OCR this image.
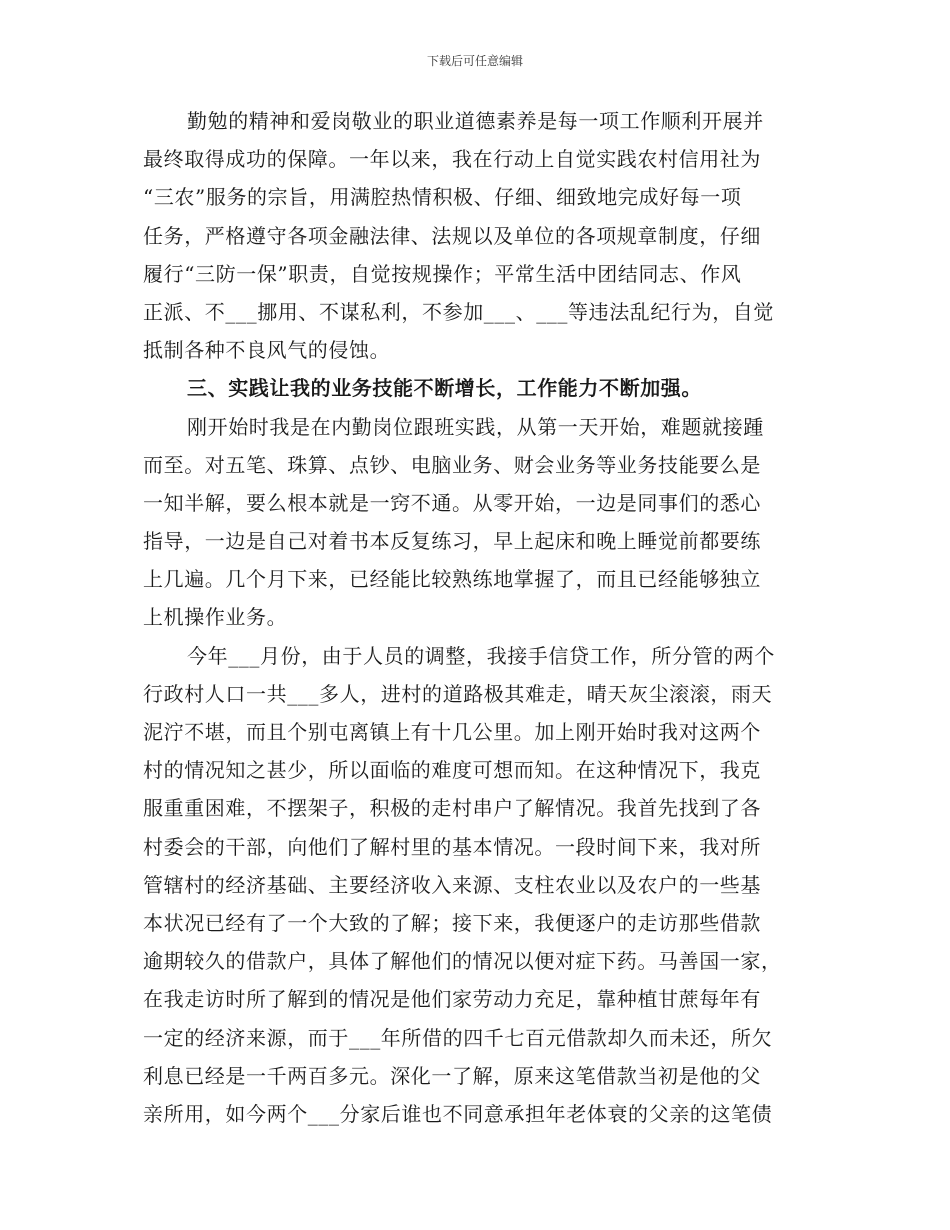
下载后可任意编辑
勤勉的精神和爱岗敬业的职业道德素养是每一项工作顺利开展并
最终取得成功的保障。一年以来，我在行动上自觉实践农村信用社为
“三农”服务的宗旨，用满腔热情积极、仔细、细致地完成好每一项
任务，严格遵守各项金融法律、法规以及单位的各项规章制度，仔细
履行“三防一保”职责，自觉按规操作；平常生活中团结同志、作风
正派、不___挪用、不谋私利，不参加___、___等违法乱纪行为，自觉
抵制各种不良风气的侵蚀。
三、实践让我的业务技能不断增长，工作能力不断加强。
刚开始时我是在内勤岗位跟班实践，从第一天开始，难题就接踵
而至。对五笔、珠算、点钞、电脑业务、财会业务等业务技能要么是
一知半解，要么根本就是一窍不通。从零开始，一边是同事们的悉心
指导，一边是自己对着书本反复练习，早上起床和晚上睡觉前都要练
上几遍。几个月下来，已经能比较熟练地掌握了，而且已经能够独立
上机操作业务。
今年___月份，由于人员的调整，我接手信贷工作，所分管的两个
行政村人口一共___多人，进村的道路极其难走，晴天灰尘滚滚，雨天
泥泞不堪，而且个别屯离镇上有十几公里。加上刚开始时我对这两个
村的情况知之甚少，所以面临的难度可想而知。在这种情况下，我克
服重重困难，不摆架子，积极的走村串户了解情况。我首先找到了各
村委会的干部，向他们了解村里的基本情况。一段时间下来，我对所
管辖村的经济基础、主要经济收入来源、支柱农业以及农户的一些基
本状况已经有了一个大致的了解；接下来，我便逐户的走访那些借款
逾期较久的借款户，具体了解他们的情况以便对症下药。马善国一家，
在我走访时所了解到的情况是他们家劳动力充足，靠种植甘蔗每年有
一定的经济来源，而于___年所借的四千七百元借款却久而未还，所欠
利息已经是一千两百多元。深化一了解，原来这笔借款当初是他的父
亲所用，如今两个___分家后谁也不同意承担年老体衰的父亲的这笔债
